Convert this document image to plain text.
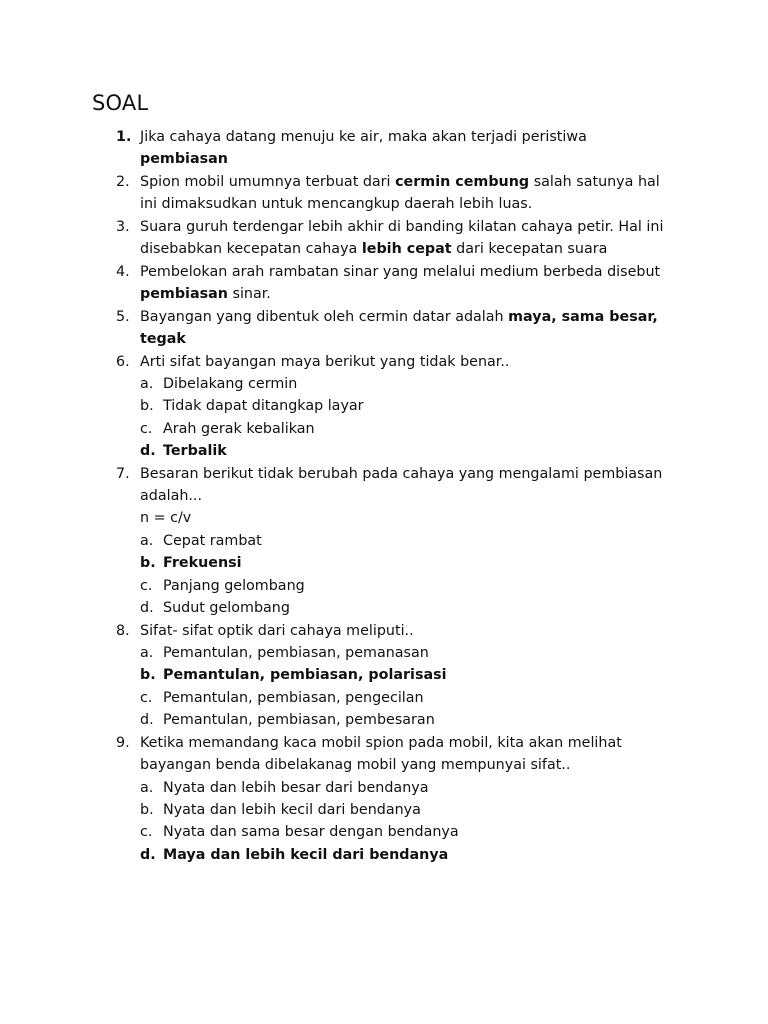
SOAL
1. Jika cahaya datang menuju ke air, maka akan terjadi peristiwa
pembiasan
2. Spion mobil umumnya terbuat dari cermin cembung salah satunya hal
ini dimaksudkan untuk mencangkup daerah lebih luas.
3. Suara guruh terdengar lebih akhir di banding kilatan cahaya petir. Hal ini
disebabkan kecepatan cahaya lebih cepat dari kecepatan suara
4. Pembelokan arah rambatan sinar yang melalui medium berbeda disebut
pembiasan sinar.
5. Bayangan yang dibentuk oleh cermin datar adalah maya, sama besar,
tegak
6. Arti sifat bayangan maya berikut yang tidak benar..
a. Dibelakang cermin
b. Tidak dapat ditangkap layar
c. Arah gerak kebalikan
d. Terbalik
7. Besaran berikut tidak berubah pada cahaya yang mengalami pembiasan
adalah...
n = c/v
a. Cepat rambat
b. Frekuensi
c. Panjang gelombang
d. Sudut gelombang
8. Sifat- sifat optik dari cahaya meliputi..
a. Pemantulan, pembiasan, pemanasan
b. Pemantulan, pembiasan, polarisasi
c. Pemantulan, pembiasan, pengecilan
d. Pemantulan, pembiasan, pembesaran
9. Ketika memandang kaca mobil spion pada mobil, kita akan melihat
bayangan benda dibelakanag mobil yang mempunyai sifat..
a. Nyata dan lebih besar dari bendanya
b. Nyata dan lebih kecil dari bendanya
c. Nyata dan sama besar dengan bendanya
d. Maya dan lebih kecil dari bendanya
